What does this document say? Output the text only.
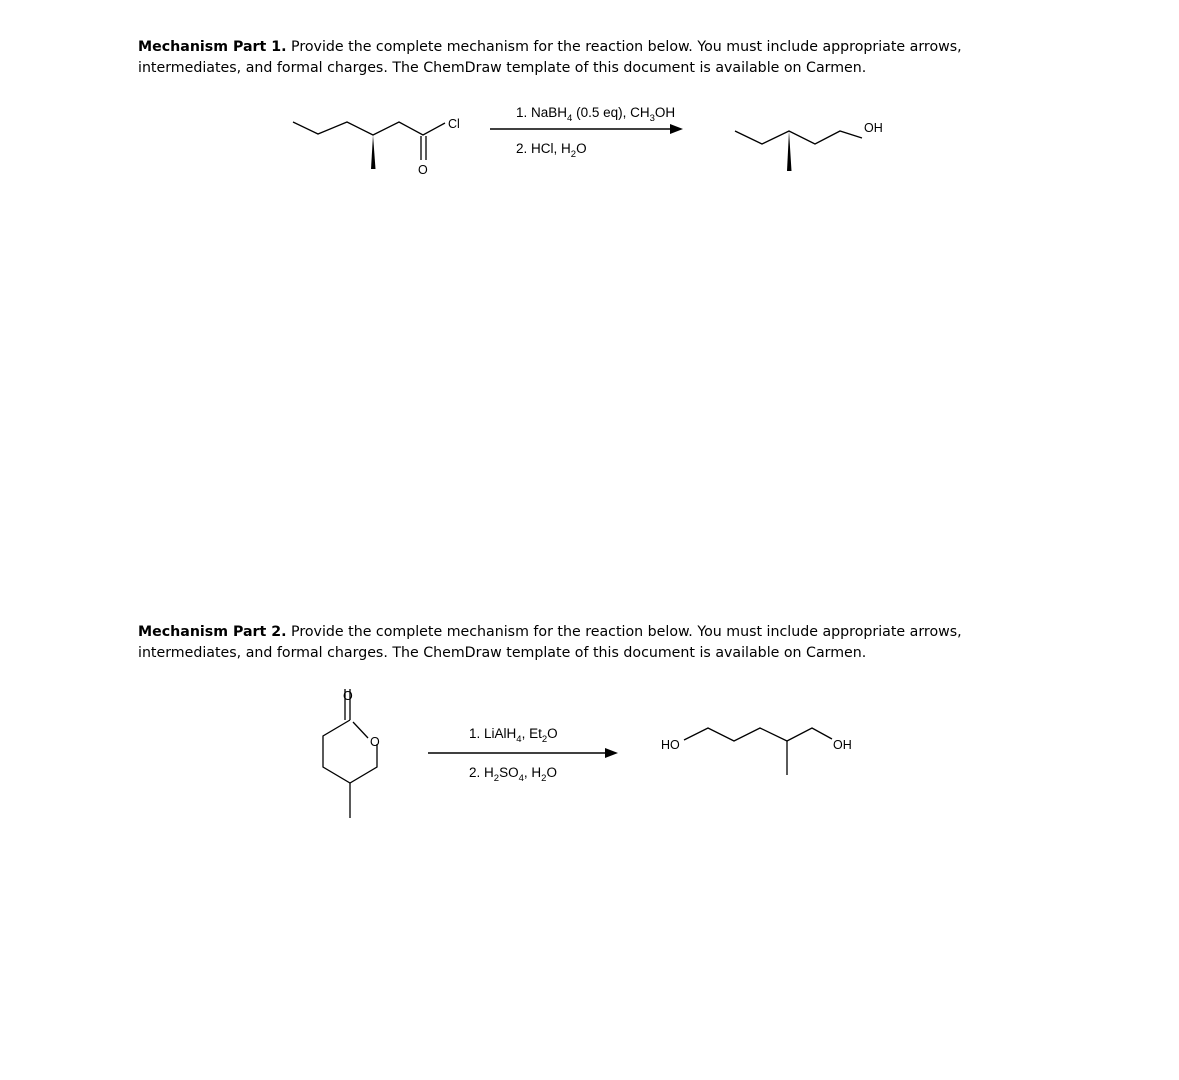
Mechanism Part 1. Provide the complete mechanism for the reaction below. You must include appropriate arrows, intermediates, and formal charges. The ChemDraw template of this document is available on Carmen.
Cl
O
1. NaBH$_4$ (0.5 eq), $CH_3OH$
2. HCl, $H_2O$
OH
Mechanism Part 2. Provide the complete mechanism for the reaction below. You must include appropriate arrows, intermediates, and formal charges. The ChemDraw template of this document is available on Carmen.
O
O
1. LiAlH$_4$, $Et_2O$
2. $H_2SO_4$, $H_2O$
HO	OH
